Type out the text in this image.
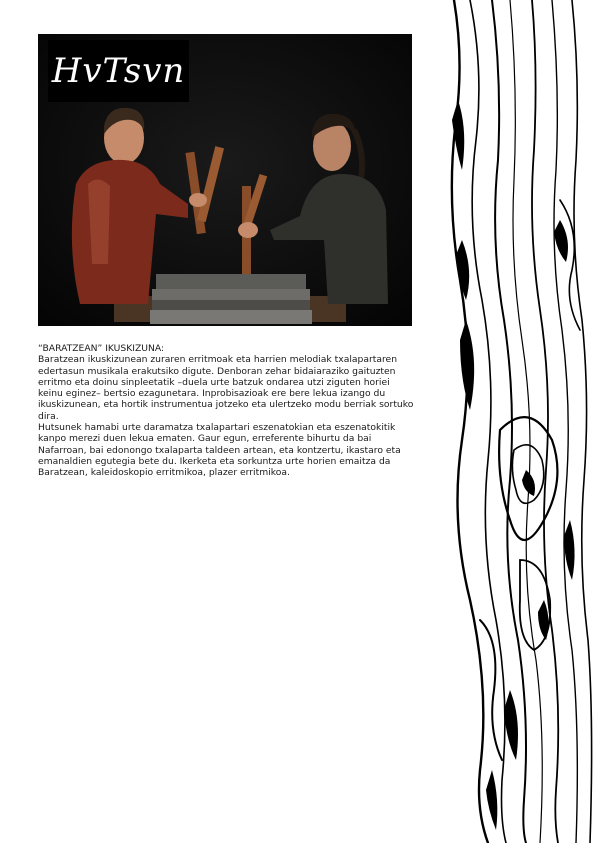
HvTsvn

“BARATZEAN” IKUSKIZUNA:

Baratzean ikuskizunean zuraren erritmoak eta harrien melodiak txalapartaren edertasun musikala erakutsiko digute. Denboran zehar bidaiaraziko gaituzten erritmo eta doinu sinpleetatik –duela urte batzuk ondarea utzi ziguten horiei keinu eginez– bertsio ezagunetara. Inprobisazioak ere bere lekua izango du ikuskizunean, eta hortik instrumentua jotzeko eta ulertzeko modu berriak sortuko dira.

Hutsunek hamabi urte daramatza txalapartari eszenatokian eta eszenatokitik kanpo merezi duen lekua ematen. Gaur egun, erreferente bihurtu da bai Nafarroan, bai edonongo txalaparta taldeen artean, eta kontzertu, ikastaro eta emanaldien egutegia bete du. Ikerketa eta sorkuntza urte horien emaitza da Baratzean, kaleidoskopio erritmikoa, plazer erritmikoa.
